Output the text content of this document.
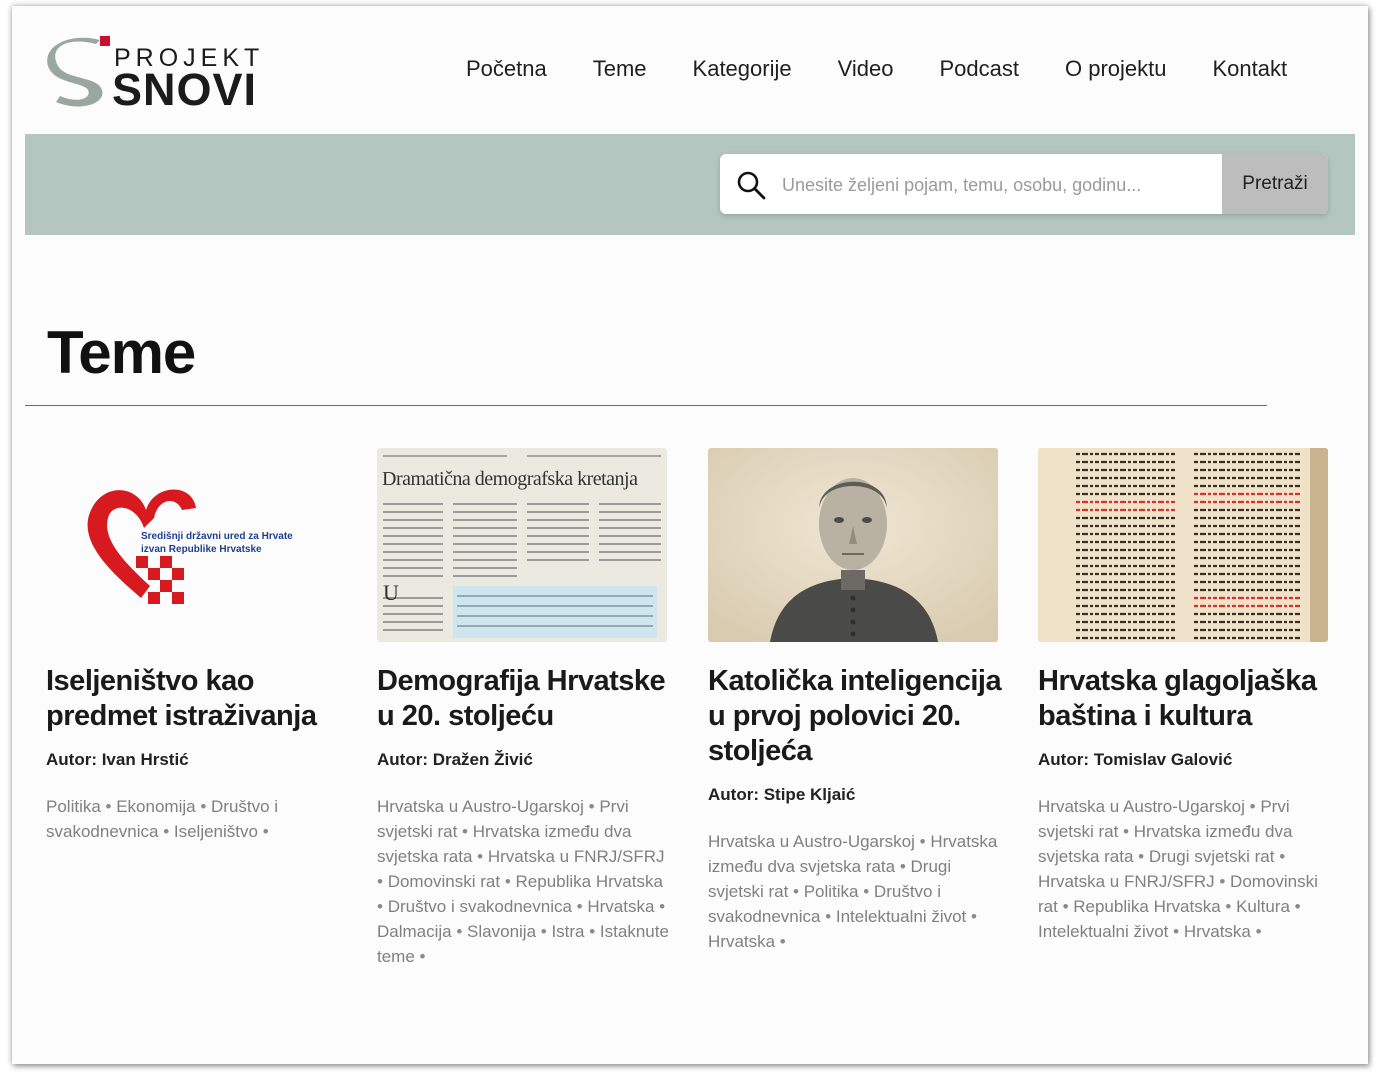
PROJEKT
SNOVI	Početna Teme Kategorije Video Podcast O projektu Kontakt
Unesite željeni pojam, temu, osobu, godinu...
Pretraži
Teme
Središnji državni ured za Hrvate
izvan Republike Hrvatske
Iseljeništvo kao predmet istraživanja
Autor: Ivan Hrstić
Politika • Ekonomija • Društvo i svakodnevnica • Iseljeništvo •
Dramatična demografska kretanja
U
Demografija Hrvatske u 20. stoljeću
Autor: Dražen Živić
Hrvatska u Austro-Ugarskoj • Prvi svjetski rat • Hrvatska između dva svjetska rata • Hrvatska u FNRJ/SFRJ • Domovinski rat • Republika Hrvatska • Društvo i svakodnevnica • Hrvatska • Dalmacija • Slavonija • Istra • Istaknute teme •
Katolička inteligencija u prvoj polovici 20. stoljeća
Autor: Stipe Kljaić
Hrvatska u Austro-Ugarskoj • Hrvatska između dva svjetska rata • Drugi svjetski rat • Politika • Društvo i svakodnevnica • Intelektualni život • Hrvatska •
Hrvatska glagoljaška baština i kultura
Autor: Tomislav Galović
Hrvatska u Austro-Ugarskoj • Prvi svjetski rat • Hrvatska između dva svjetska rata • Drugi svjetski rat • Hrvatska u FNRJ/SFRJ • Domovinski rat • Republika Hrvatska • Kultura • Intelektualni život • Hrvatska •
